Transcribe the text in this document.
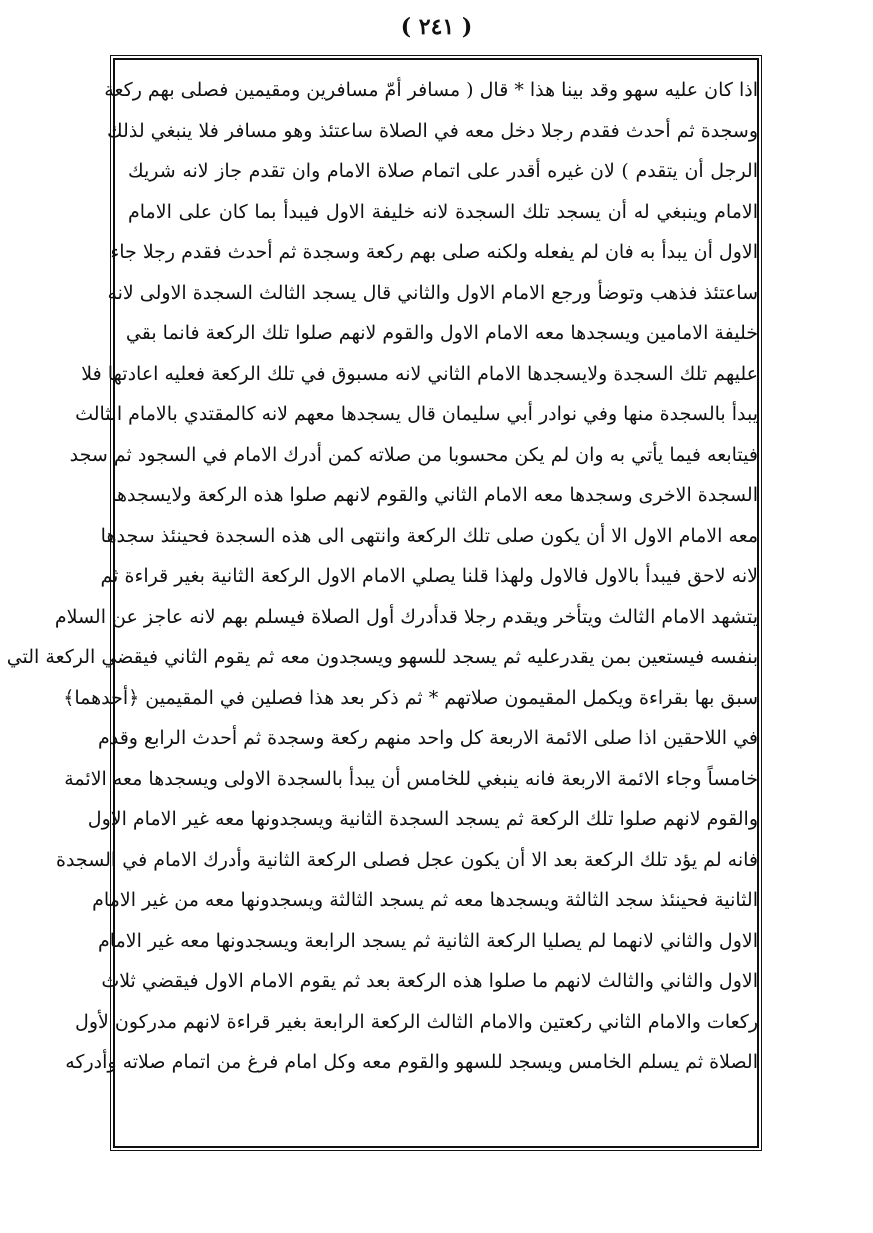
( ٢٤١ )
اذا كان عليه سهو وقد بينا هذا * قال ( مسافر أمّ مسافرين ومقيمين فصلى بهم ركعة
وسجدة ثم أحدث فقدم رجلا دخل معه في الصلاة ساعتئذ وهو مسافر فلا ينبغي لذلك
الرجل أن يتقدم ) لان غيره أقدر على اتمام صلاة الامام وان تقدم جاز لانه شريك
الامام وينبغي له أن يسجد تلك السجدة لانه خليفة الاول فيبدأ بما كان على الامام
الاول أن يبدأ به فان لم يفعله ولكنه صلى بهم ركعة وسجدة ثم أحدث فقدم رجلا جاء
ساعتئذ فذهب وتوضأ ورجع الامام الاول والثاني قال يسجد الثالث السجدة الاولى لانه
خليفة الامامين ويسجدها معه الامام الاول والقوم لانهم صلوا تلك الركعة فانما بقي
عليهم تلك السجدة ولايسجدها الامام الثاني لانه مسبوق في تلك الركعة فعليه اعادتها فلا
يبدأ بالسجدة منها وفي نوادر أبي سليمان قال يسجدها معهم لانه كالمقتدي بالامام الثالث
فيتابعه فيما يأتي به وان لم يكن محسوبا من صلاته كمن أدرك الامام في السجود ثم سجد
السجدة الاخرى وسجدها معه الامام الثاني والقوم لانهم صلوا هذه الركعة ولايسجدها
معه الامام الاول الا أن يكون صلى تلك الركعة وانتهى الى هذه السجدة فحينئذ سجدها
لانه لاحق فيبدأ بالاول فالاول ولهذا قلنا يصلي الامام الاول الركعة الثانية بغير قراءة ثم
يتشهد الامام الثالث ويتأخر ويقدم رجلا قدأدرك أول الصلاة فيسلم بهم لانه عاجز عن السلام
بنفسه فيستعين بمن يقدرعليه ثم يسجد للسهو ويسجدون معه ثم يقوم الثاني فيقضي الركعة التي
سبق بها بقراءة ويكمل المقيمون صلاتهم * ثم ذكر بعد هذا فصلين في المقيمين ﴿أحدهما﴾
في اللاحقين اذا صلى الائمة الاربعة كل واحد منهم ركعة وسجدة ثم أحدث الرابع وقدم
خامساً وجاء الائمة الاربعة فانه ينبغي للخامس أن يبدأ بالسجدة الاولى ويسجدها معه الائمة
والقوم لانهم صلوا تلك الركعة ثم يسجد السجدة الثانية ويسجدونها معه غير الامام الاول
فانه لم يؤد تلك الركعة بعد الا أن يكون عجل فصلى الركعة الثانية وأدرك الامام في السجدة
الثانية فحينئذ سجد الثالثة ويسجدها معه ثم يسجد الثالثة ويسجدونها معه من غير الامام
الاول والثاني لانهما لم يصليا الركعة الثانية ثم يسجد الرابعة ويسجدونها معه غير الامام
الاول والثاني والثالث لانهم ما صلوا هذه الركعة بعد ثم يقوم الامام الاول فيقضي ثلاث
ركعات والامام الثاني ركعتين والامام الثالث الركعة الرابعة بغير قراءة لانهم مدركون لأول
الصلاة ثم يسلم الخامس ويسجد للسهو والقوم معه وكل امام فرغ من اتمام صلاته وأدركه
